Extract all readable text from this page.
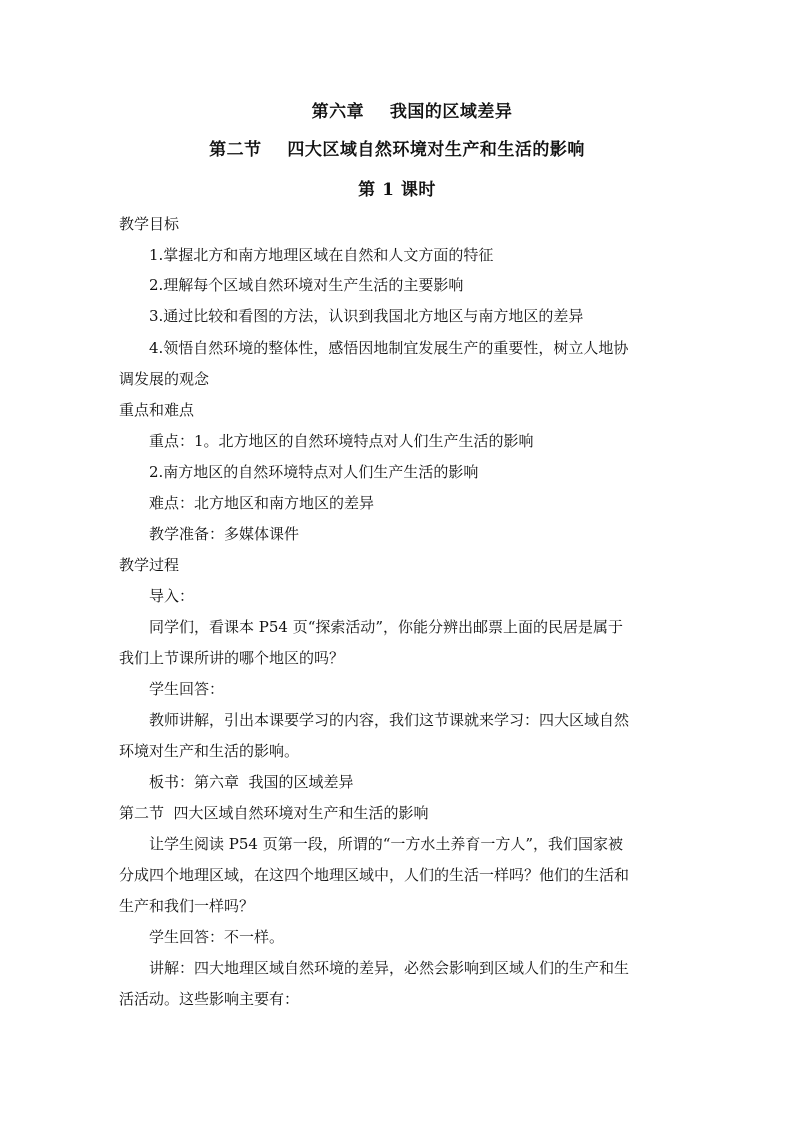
第六章    我国的区域差异
第二节    四大区域自然环境对生产和生活的影响
第 1 课时
教学目标
1.掌握北方和南方地理区域在自然和人文方面的特征
2.理解每个区域自然环境对生产生活的主要影响
3.通过比较和看图的方法，认识到我国北方地区与南方地区的差异
4.领悟自然环境的整体性，感悟因地制宜发展生产的重要性，树立人地协
调发展的观念
重点和难点
重点：1。北方地区的自然环境特点对人们生产生活的影响
2.南方地区的自然环境特点对人们生产生活的影响
难点：北方地区和南方地区的差异
教学准备：多媒体课件
教学过程
导入：
同学们，看课本 P54 页“探索活动”，你能分辨出邮票上面的民居是属于
我们上节课所讲的哪个地区的吗？
学生回答：
教师讲解，引出本课要学习的内容，我们这节课就来学习：四大区域自然
环境对生产和生活的影响。
板书：第六章  我国的区域差异
第二节  四大区域自然环境对生产和生活的影响
让学生阅读 P54 页第一段，所谓的“一方水土养育一方人”，我们国家被
分成四个地理区域，在这四个地理区域中，人们的生活一样吗？他们的生活和
生产和我们一样吗？
学生回答：不一样。
讲解：四大地理区域自然环境的差异，必然会影响到区域人们的生产和生
活活动。这些影响主要有：
